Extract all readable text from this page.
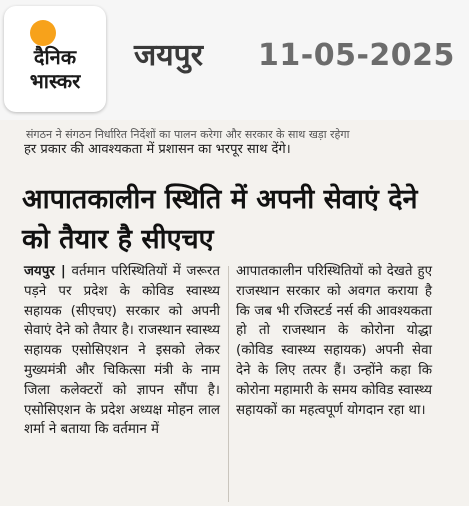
दैनिक
भास्कर
जयपुर 11-05-2025
संगठन ने संगठन निर्धारित निर्देशों का पालन करेगा और सरकार के साथ खड़ा रहेगा
हर प्रकार की आवश्यकता में प्रशासन का भरपूर साथ देंगे।
आपातकालीन स्थिति में अपनी सेवाएं देने को तैयार है सीएचए
जयपुर | वर्तमान परिस्थितियों में जरूरत पड़ने पर प्रदेश के कोविड स्वास्थ्य सहायक (सीएचए) सरकार को अपनी सेवाएं देने को तैयार है। राजस्थान स्वास्थ्य सहायक एसोसिएशन ने इसको लेकर मुख्यमंत्री और चिकित्सा मंत्री के नाम जिला कलेक्टरों को ज्ञापन सौंपा है। एसोसिएशन के प्रदेश अध्यक्ष मोहन लाल शर्मा ने बताया कि वर्तमान में
आपातकालीन परिस्थितियों को देखते हुए राजस्थान सरकार को अवगत कराया है कि जब भी रजिस्टर्ड नर्स की आवश्यकता हो तो राजस्थान के कोरोना योद्धा (कोविड स्वास्थ्य सहायक) अपनी सेवा देने के लिए तत्पर हैं। उन्होंने कहा कि कोरोना महामारी के समय कोविड स्वास्थ्य सहायकों का महत्वपूर्ण योगदान रहा था।
